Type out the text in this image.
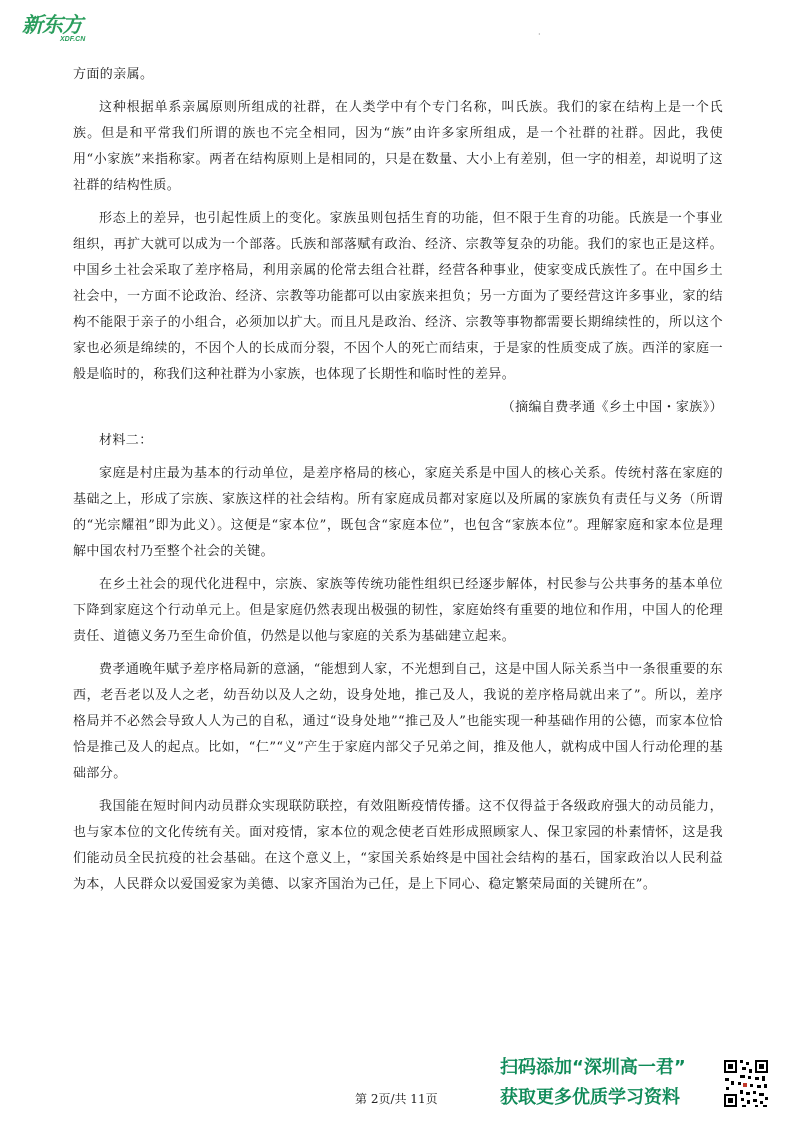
新东方
XDF.CN
·

方面的亲属。

这种根据单系亲属原则所组成的社群，在人类学中有个专门名称，叫氏族。我们的家在结构上是一个氏族。但是和平常我们所谓的族也不完全相同，因为“族”由许多家所组成，是一个社群的社群。因此，我使用“小家族”来指称家。两者在结构原则上是相同的，只是在数量、大小上有差别，但一字的相差，却说明了这社群的结构性质。

形态上的差异，也引起性质上的变化。家族虽则包括生育的功能，但不限于生育的功能。氏族是一个事业组织，再扩大就可以成为一个部落。氏族和部落赋有政治、经济、宗教等复杂的功能。我们的家也正是这样。中国乡土社会采取了差序格局，利用亲属的伦常去组合社群，经营各种事业，使家变成氏族性了。在中国乡土社会中，一方面不论政治、经济、宗教等功能都可以由家族来担负；另一方面为了要经营这许多事业，家的结构不能限于亲子的小组合，必须加以扩大。而且凡是政治、经济、宗教等事物都需要长期绵续性的，所以这个家也必须是绵续的，不因个人的长成而分裂，不因个人的死亡而结束，于是家的性质变成了族。西洋的家庭一般是临时的，称我们这种社群为小家族，也体现了长期性和临时性的差异。

（摘编自费孝通《乡土中国・家族》）

材料二：

家庭是村庄最为基本的行动单位，是差序格局的核心，家庭关系是中国人的核心关系。传统村落在家庭的基础之上，形成了宗族、家族这样的社会结构。所有家庭成员都对家庭以及所属的家族负有责任与义务（所谓的“光宗耀祖”即为此义）。这便是“家本位”，既包含“家庭本位”，也包含“家族本位”。理解家庭和家本位是理解中国农村乃至整个社会的关键。

在乡土社会的现代化进程中，宗族、家族等传统功能性组织已经逐步解体，村民参与公共事务的基本单位下降到家庭这个行动单元上。但是家庭仍然表现出极强的韧性，家庭始终有重要的地位和作用，中国人的伦理责任、道德义务乃至生命价值，仍然是以他与家庭的关系为基础建立起来。

费孝通晚年赋予差序格局新的意涵，“能想到人家，不光想到自己，这是中国人际关系当中一条很重要的东西，老吾老以及人之老，幼吾幼以及人之幼，设身处地，推己及人，我说的差序格局就出来了”。所以，差序格局并不必然会导致人人为己的自私，通过“设身处地”“推己及人”也能实现一种基础作用的公德，而家本位恰恰是推己及人的起点。比如，“仁”“义”产生于家庭内部父子兄弟之间，推及他人，就构成中国人行动伦理的基础部分。

我国能在短时间内动员群众实现联防联控，有效阻断疫情传播。这不仅得益于各级政府强大的动员能力，也与家本位的文化传统有关。面对疫情，家本位的观念使老百姓形成照顾家人、保卫家园的朴素情怀，这是我们能动员全民抗疫的社会基础。在这个意义上，“家国关系始终是中国社会结构的基石，国家政治以人民利益为本，人民群众以爱国爱家为美德、以家齐国治为己任，是上下同心、稳定繁荣局面的关键所在”。

第 2页/共 11页
扫码添加“深圳高一君”
获取更多优质学习资料
